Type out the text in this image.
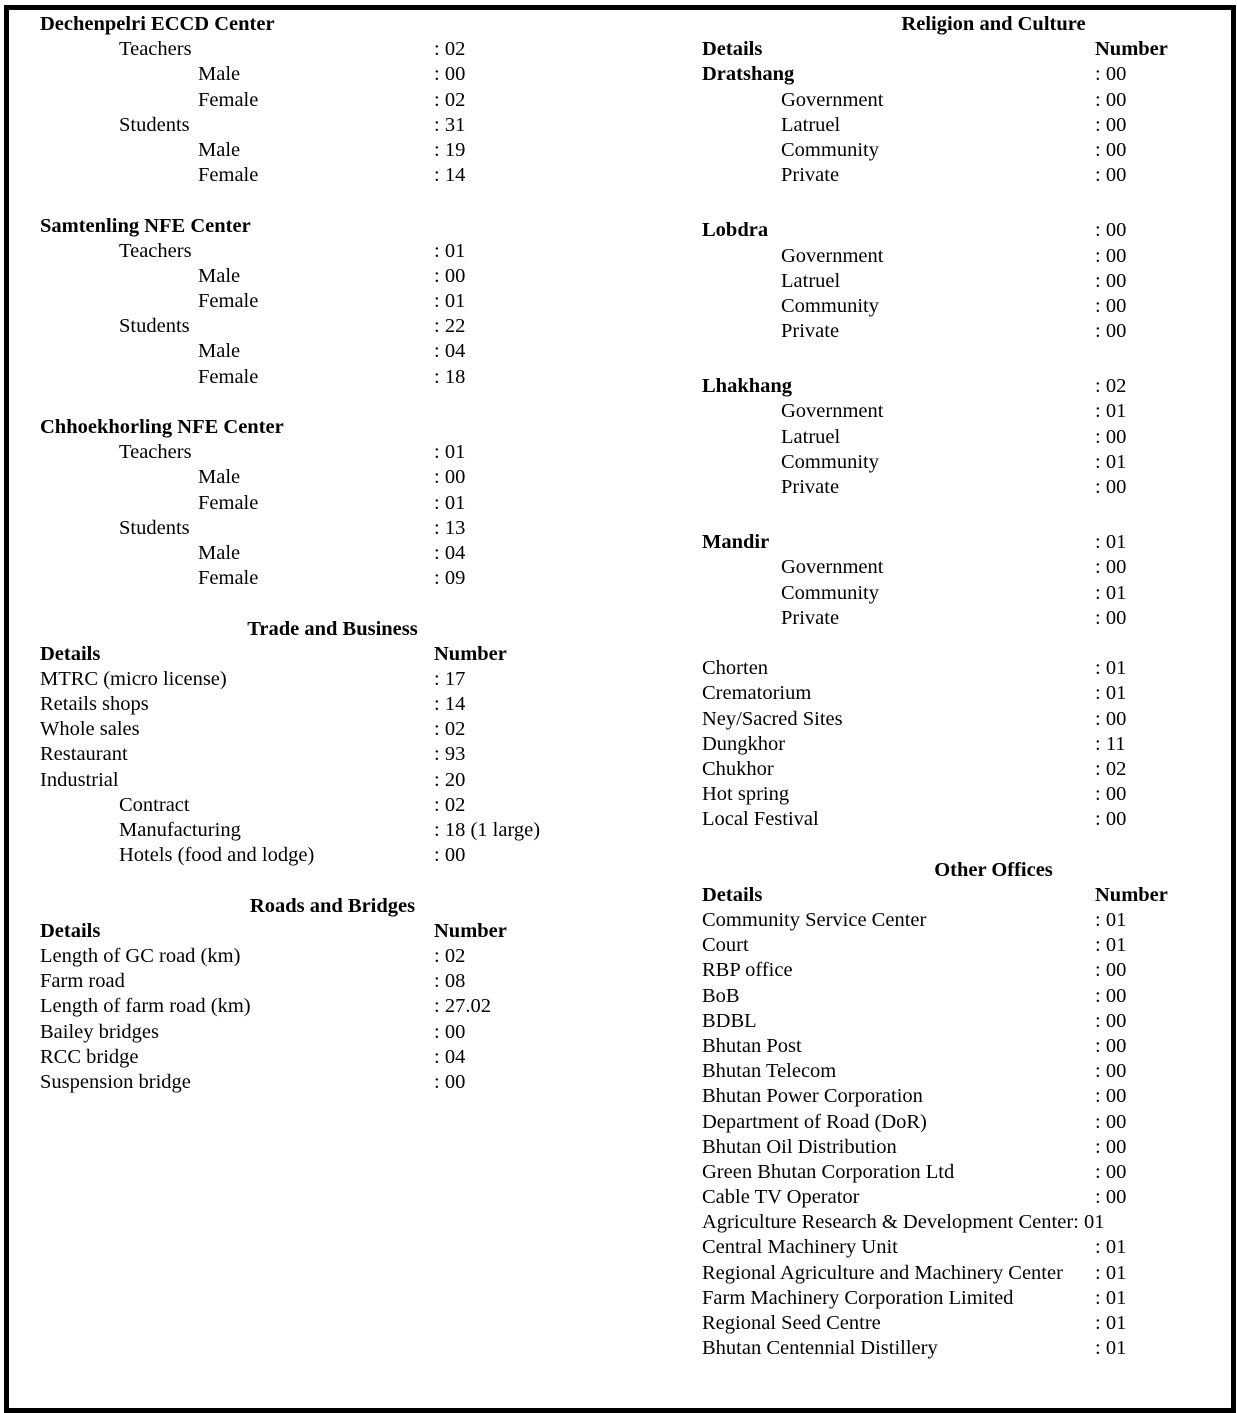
Dechenpelri ECCD Center
Teachers	: 02
Male	: 00
Female	: 02
Students	: 31
Male	: 19
Female	: 14
Samtenling NFE Center
Teachers	: 01
Male	: 00
Female	: 01
Students	: 22
Male	: 04
Female	: 18
Chhoekhorling NFE Center
Teachers	: 01
Male	: 00
Female	: 01
Students	: 13
Male	: 04
Female	: 09
Trade and Business
Details	Number
MTRC (micro license)	: 17
Retails shops	: 14
Whole sales	: 02
Restaurant	: 93
Industrial	: 20
Contract	: 02
Manufacturing	: 18 (1 large)
Hotels (food and lodge)	: 00
Roads and Bridges
Details	Number
Length of GC road (km)	: 02
Farm road	: 08
Length of farm road (km)	: 27.02
Bailey bridges	: 00
RCC bridge	: 04
Suspension bridge	: 00
Religion and Culture
Details	Number
Dratshang	: 00
Government	: 00
Latruel	: 00
Community	: 00
Private	: 00
Lobdra	: 00
Government	: 00
Latruel	: 00
Community	: 00
Private	: 00
Lhakhang	: 02
Government	: 01
Latruel	: 00
Community	: 01
Private	: 00
Mandir	: 01
Government	: 00
Community	: 01
Private	: 00
Chorten	: 01
Crematorium	: 01
Ney/Sacred Sites	: 00
Dungkhor	: 11
Chukhor	: 02
Hot spring	: 00
Local Festival	: 00
Other Offices
Details	Number
Community Service Center	: 01
Court	: 01
RBP office	: 00
BoB	: 00
BDBL	: 00
Bhutan Post	: 00
Bhutan Telecom	: 00
Bhutan Power Corporation	: 00
Department of Road (DoR)	: 00
Bhutan Oil Distribution	: 00
Green Bhutan Corporation Ltd	: 00
Cable TV Operator	: 00
Agriculture Research & Development Center: 01
Central Machinery Unit	: 01
Regional Agriculture and Machinery Center : 01
Farm Machinery Corporation Limited	: 01
Regional Seed Centre	: 01
Bhutan Centennial Distillery	: 01
